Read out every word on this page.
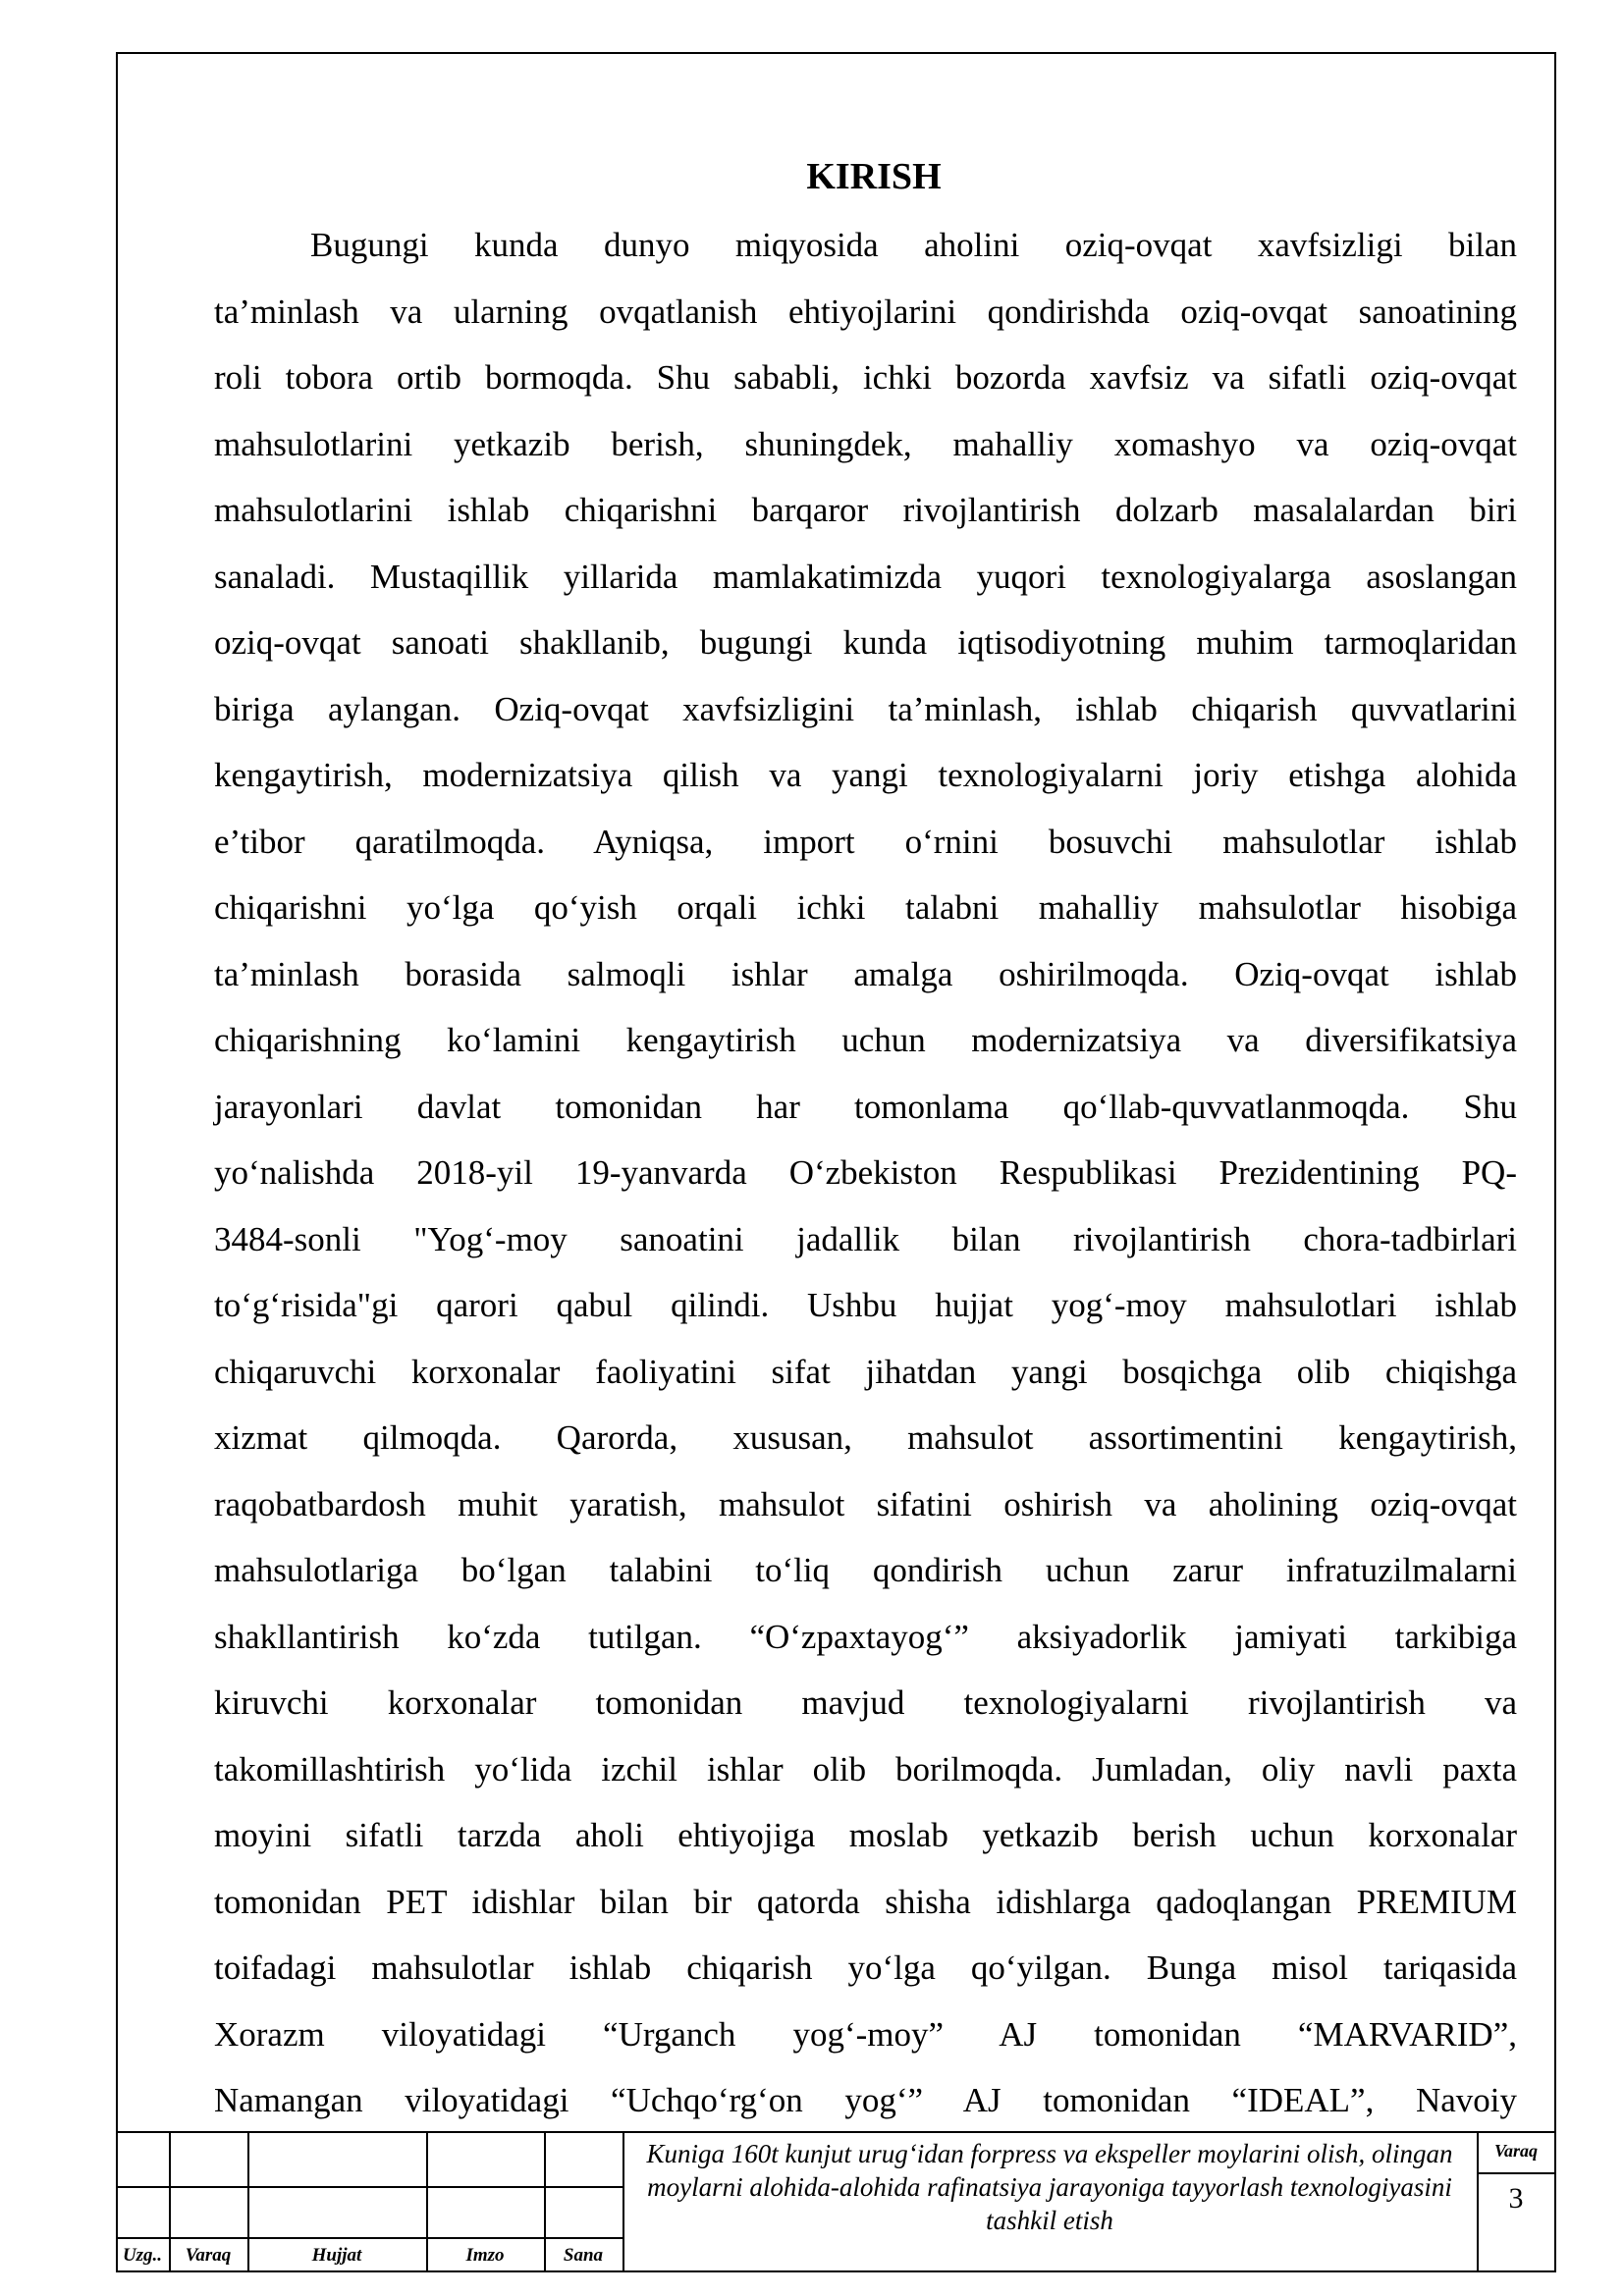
KIRISH
Bugungi kunda dunyo miqyosida aholini oziq-ovqat xavfsizligi bilan
ta’minlash va ularning ovqatlanish ehtiyojlarini qondirishda oziq-ovqat sanoatining
roli tobora ortib bormoqda. Shu sababli, ichki bozorda xavfsiz va sifatli oziq-ovqat
mahsulotlarini yetkazib berish, shuningdek, mahalliy xomashyo va oziq-ovqat
mahsulotlarini ishlab chiqarishni barqaror rivojlantirish dolzarb masalalardan biri
sanaladi. Mustaqillik yillarida mamlakatimizda yuqori texnologiyalarga asoslangan
oziq-ovqat sanoati shakllanib, bugungi kunda iqtisodiyotning muhim tarmoqlaridan
biriga aylangan. Oziq-ovqat xavfsizligini ta’minlash, ishlab chiqarish quvvatlarini
kengaytirish, modernizatsiya qilish va yangi texnologiyalarni joriy etishga alohida
e’tibor qaratilmoqda. Ayniqsa, import o‘rnini bosuvchi mahsulotlar ishlab
chiqarishni yo‘lga qo‘yish orqali ichki talabni mahalliy mahsulotlar hisobiga
ta’minlash borasida salmoqli ishlar amalga oshirilmoqda. Oziq-ovqat ishlab
chiqarishning ko‘lamini kengaytirish uchun modernizatsiya va diversifikatsiya
jarayonlari davlat tomonidan har tomonlama qo‘llab-quvvatlanmoqda. Shu
yo‘nalishda 2018-yil 19-yanvarda O‘zbekiston Respublikasi Prezidentining PQ-
3484-sonli "Yog‘-moy sanoatini jadallik bilan rivojlantirish chora-tadbirlari
to‘g‘risida"gi qarori qabul qilindi. Ushbu hujjat yog‘-moy mahsulotlari ishlab
chiqaruvchi korxonalar faoliyatini sifat jihatdan yangi bosqichga olib chiqishga
xizmat qilmoqda. Qarorda, xususan, mahsulot assortimentini kengaytirish,
raqobatbardosh muhit yaratish, mahsulot sifatini oshirish va aholining oziq-ovqat
mahsulotlariga bo‘lgan talabini to‘liq qondirish uchun zarur infratuzilmalarni
shakllantirish ko‘zda tutilgan. “O‘zpaxtayog‘” aksiyadorlik jamiyati tarkibiga
kiruvchi korxonalar tomonidan mavjud texnologiyalarni rivojlantirish va
takomillashtirish yo‘lida izchil ishlar olib borilmoqda. Jumladan, oliy navli paxta
moyini sifatli tarzda aholi ehtiyojiga moslab yetkazib berish uchun korxonalar
tomonidan PET idishlar bilan bir qatorda shisha idishlarga qadoqlangan PREMIUM
toifadagi mahsulotlar ishlab chiqarish yo‘lga qo‘yilgan. Bunga misol tariqasida
Xorazm viloyatidagi “Urganch yog‘-moy” AJ tomonidan “MARVARID”,
Namangan viloyatidagi “Uchqo‘rg‘on yog‘” AJ tomonidan “IDEAL”, Navoiy
Uzg..	Varaq	Hujjat	Imzo	Sana
Kuniga 160t kunjut urug‘idan forpress va ekspeller moylarini olish, olingan moylarni alohida-alohida rafinatsiya jarayoniga tayyorlash texnologiyasini tashkil etish
Varaq
3
